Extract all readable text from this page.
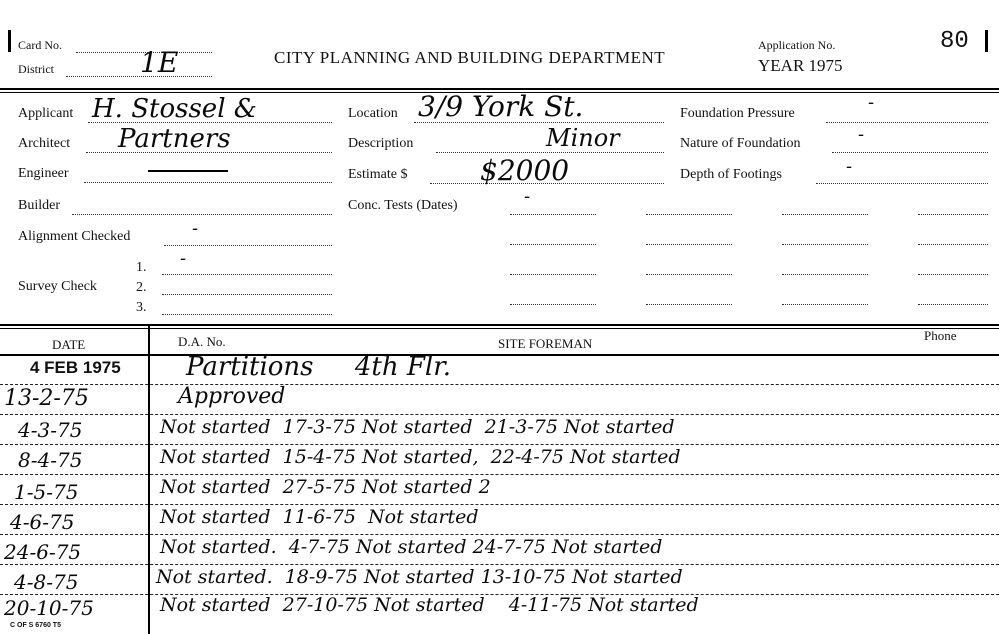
Card No.
District	1E	CITY PLANNING AND BUILDING DEPARTMENT
Application No.
YEAR 1975
80
Applicant H. Stossel &
Architect Partners
Engineer
Builder
Alignment Checked	-
1. -
Survey Check	2.
3.
Location 3/9 York St.
Description	Minor
Estimate $	$2000
Conc. Tests (Dates)	-
Foundation Pressure
-
Nature of Foundation	-
Depth of Footings	-
DATE	D.A. No.	SITE FOREMAN
Phone
4 FEB 1975	Partitions     4th Flr.
13-2-75	Approved
4-3-75	Not started  17-3-75 Not started  21-3-75 Not started
8-4-75	Not started  15-4-75 Not started,  22-4-75 Not started
1-5-75	Not started  27-5-75 Not started 2
4-6-75	Not started  11-6-75  Not started
24-6-75	Not started.  4-7-75 Not started 24-7-75 Not started
4-8-75	Not started.  18-9-75 Not started 13-10-75 Not started
20-10-75	Not started  27-10-75 Not started    4-11-75 Not started
C OF S 6760 T5
